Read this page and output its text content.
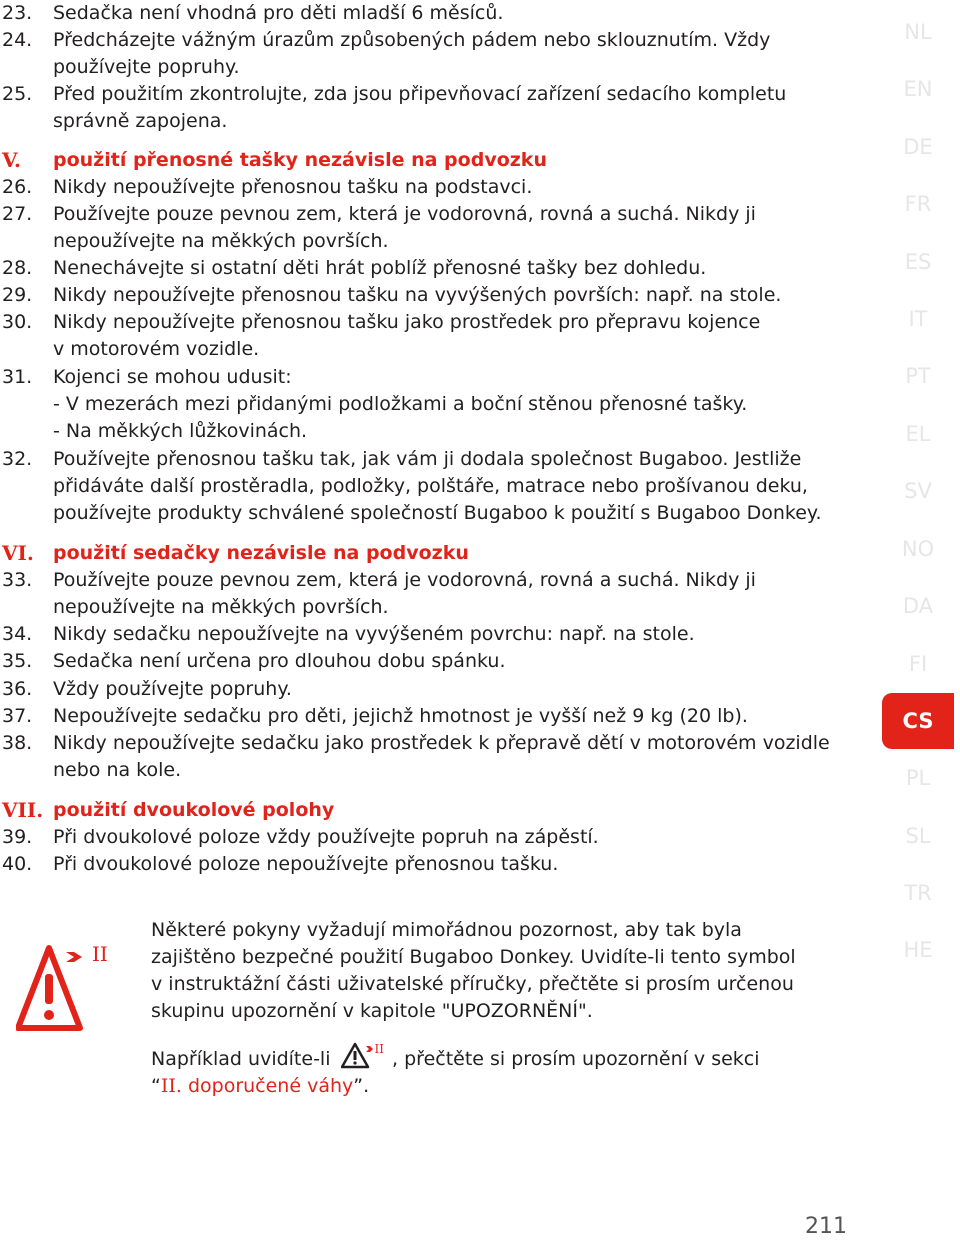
23. Sedačka není vhodná pro děti mladší 6 měsíců.
24. Předcházejte vážným úrazům způsobených pádem nebo sklouznutím. Vždy
používejte popruhy.
25. Před použitím zkontrolujte, zda jsou připevňovací zařízení sedacího kompletu
správně zapojena.
V. použití přenosné tašky nezávisle na podvozku
26. Nikdy nepoužívejte přenosnou tašku na podstavci.
27. Používejte pouze pevnou zem, která je vodorovná, rovná a suchá. Nikdy ji
nepoužívejte na měkkých površích.
28. Nenechávejte si ostatní děti hrát poblíž přenosné tašky bez dohledu.
29. Nikdy nepoužívejte přenosnou tašku na vyvýšených površích: např. na stole.
30. Nikdy nepoužívejte přenosnou tašku jako prostředek pro přepravu kojence
v motorovém vozidle.
31. Kojenci se mohou udusit:
- V mezerách mezi přidanými podložkami a boční stěnou přenosné tašky.
- Na měkkých lůžkovinách.
32. Používejte přenosnou tašku tak, jak vám ji dodala společnost Bugaboo. Jestliže
přidáváte další prostěradla, podložky, polštáře, matrace nebo prošívanou deku,
používejte produkty schválené společností Bugaboo k použití s Bugaboo Donkey.
VI. použití sedačky nezávisle na podvozku
33. Používejte pouze pevnou zem, která je vodorovná, rovná a suchá. Nikdy ji
nepoužívejte na měkkých površích.
34. Nikdy sedačku nepoužívejte na vyvýšeném povrchu: např. na stole.
35. Sedačka není určena pro dlouhou dobu spánku.
36. Vždy používejte popruhy.
37. Nepoužívejte sedačku pro děti, jejichž hmotnost je vyšší než 9 kg (20 lb).
38. Nikdy nepoužívejte sedačku jako prostředek k přepravě dětí v motorovém vozidle
nebo na kole.
VII. použití dvoukolové polohy
39. Při dvoukolové poloze vždy používejte popruh na zápěstí.
40. Při dvoukolové poloze nepoužívejte přenosnou tašku.
II
Některé pokyny vyžadují mimořádnou pozornost, aby tak byla
zajištěno bezpečné použití Bugaboo Donkey. Uvidíte-li tento symbol
v instruktážní části uživatelské příručky, přečtěte si prosím určenou
skupinu upozornění v kapitole "UPOZORNĚNÍ".
Například uvidíte-li	$^{II}$ , přečtěte si prosím upozornění v sekci
“II. doporučené váhy”.
NL
EN
DE
FR
ES
IT
PT
EL
SV
NO
DA
FI
CS
PL
SL
TR
HE
211
